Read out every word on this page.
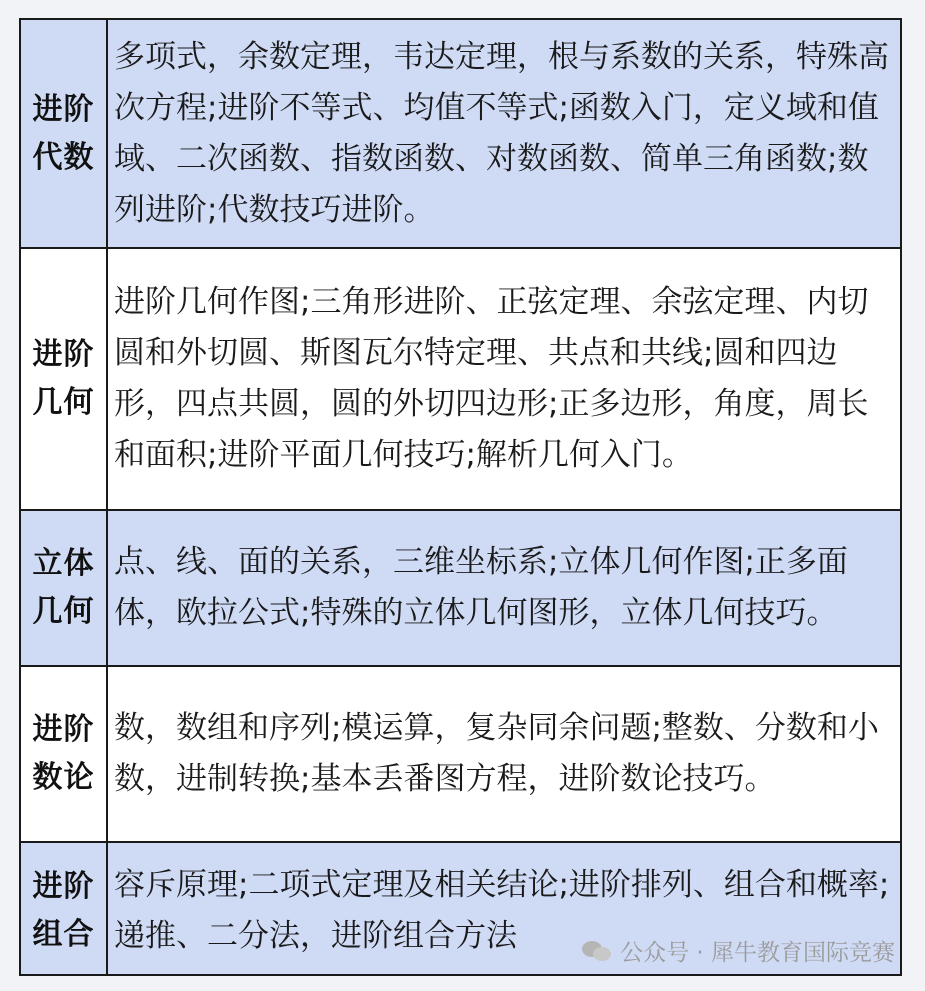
进阶
代数	多项式，余数定理，韦达定理，根与系数的关系，特殊高次方程;进阶不等式、均值不等式;函数入门，定义域和值域、二次函数、指数函数、对数函数、简单三角函数;数列进阶;代数技巧进阶。

进阶
几何	进阶几何作图;三角形进阶、正弦定理、余弦定理、内切圆和外切圆、斯图瓦尔特定理、共点和共线;圆和四边形，四点共圆，圆的外切四边形;正多边形，角度，周长和面积;进阶平面几何技巧;解析几何入门。

立体
几何	点、线、面的关系，三维坐标系;立体几何作图;正多面体，欧拉公式;特殊的立体几何图形，立体几何技巧。

进阶
数论	数，数组和序列;模运算，复杂同余问题;整数、分数和小数，进制转换;基本丢番图方程，进阶数论技巧。

进阶
组合	容斥原理;二项式定理及相关结论;进阶排列、组合和概率;递推、二分法，进阶组合方法	公众号 · 犀牛教育国际竞赛
